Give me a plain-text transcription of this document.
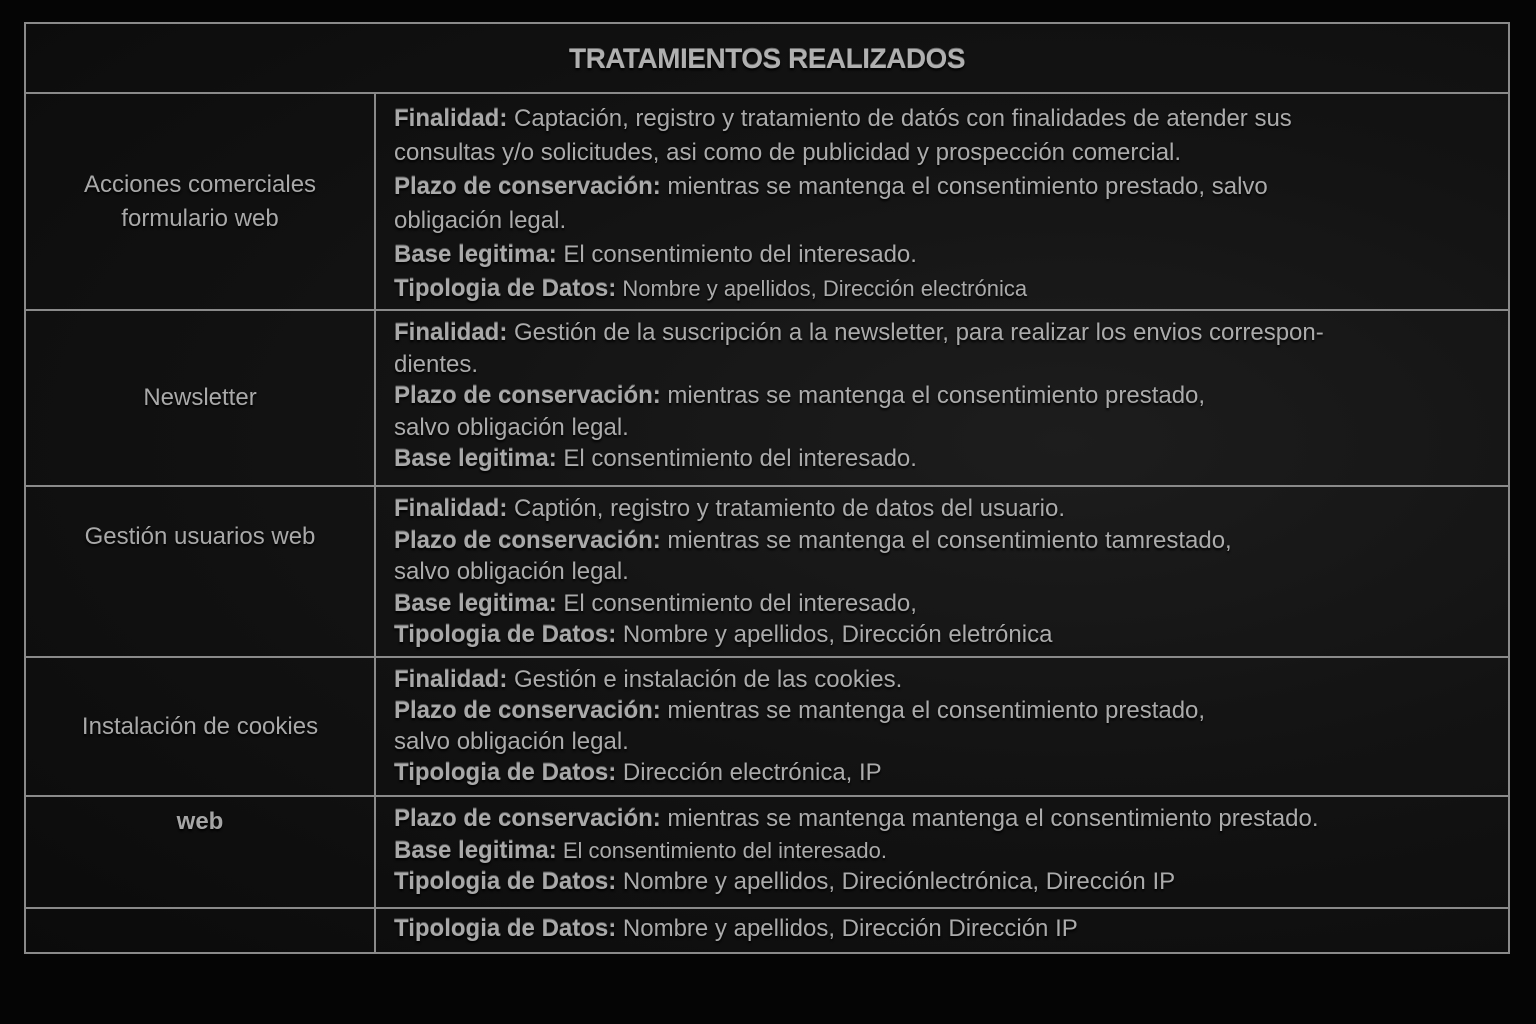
TRATAMIENTOS REALIZADOS
Acciones comerciales
formulario web
Finalidad: Captación, registro y tratamiento de datós con finalidades de atender sus
consultas y/o solicitudes, asi como de publicidad y prospección comercial.
Plazo de conservación: mientras se mantenga el consentimiento prestado, salvo
obligación legal.
Base legitima: El consentimiento del interesado.
Tipologia de Datos: Nombre y apellidos, Dirección electrónica
Newsletter
Finalidad: Gestión de la suscripción a la newsletter, para realizar los envios correspon-
dientes.
Plazo de conservación: mientras se mantenga el consentimiento prestado,
salvo obligación legal.
Base legitima: El consentimiento del interesado.
Gestión usuarios web
Finalidad: Captión, registro y tratamiento de datos del usuario.
Plazo de conservación: mientras se mantenga el consentimiento tamrestado,
salvo obligación legal.
Base legitima: El consentimiento del interesado,
Tipologia de Datos: Nombre y apellidos, Dirección eletrónica
Instalación de cookies
Finalidad: Gestión e instalación de las cookies.
Plazo de conservación: mientras se mantenga el consentimiento prestado,
salvo obligación legal.
Tipologia de Datos: Dirección electrónica, IP
web	Plazo de conservación: mientras se mantenga mantenga el consentimiento prestado.
Base legitima: El consentimiento del interesado.
Tipologia de Datos: Nombre y apellidos, Direciónlectrónica, Dirección IP
Tipologia de Datos: Nombre y apellidos, Dirección Dirección IP
